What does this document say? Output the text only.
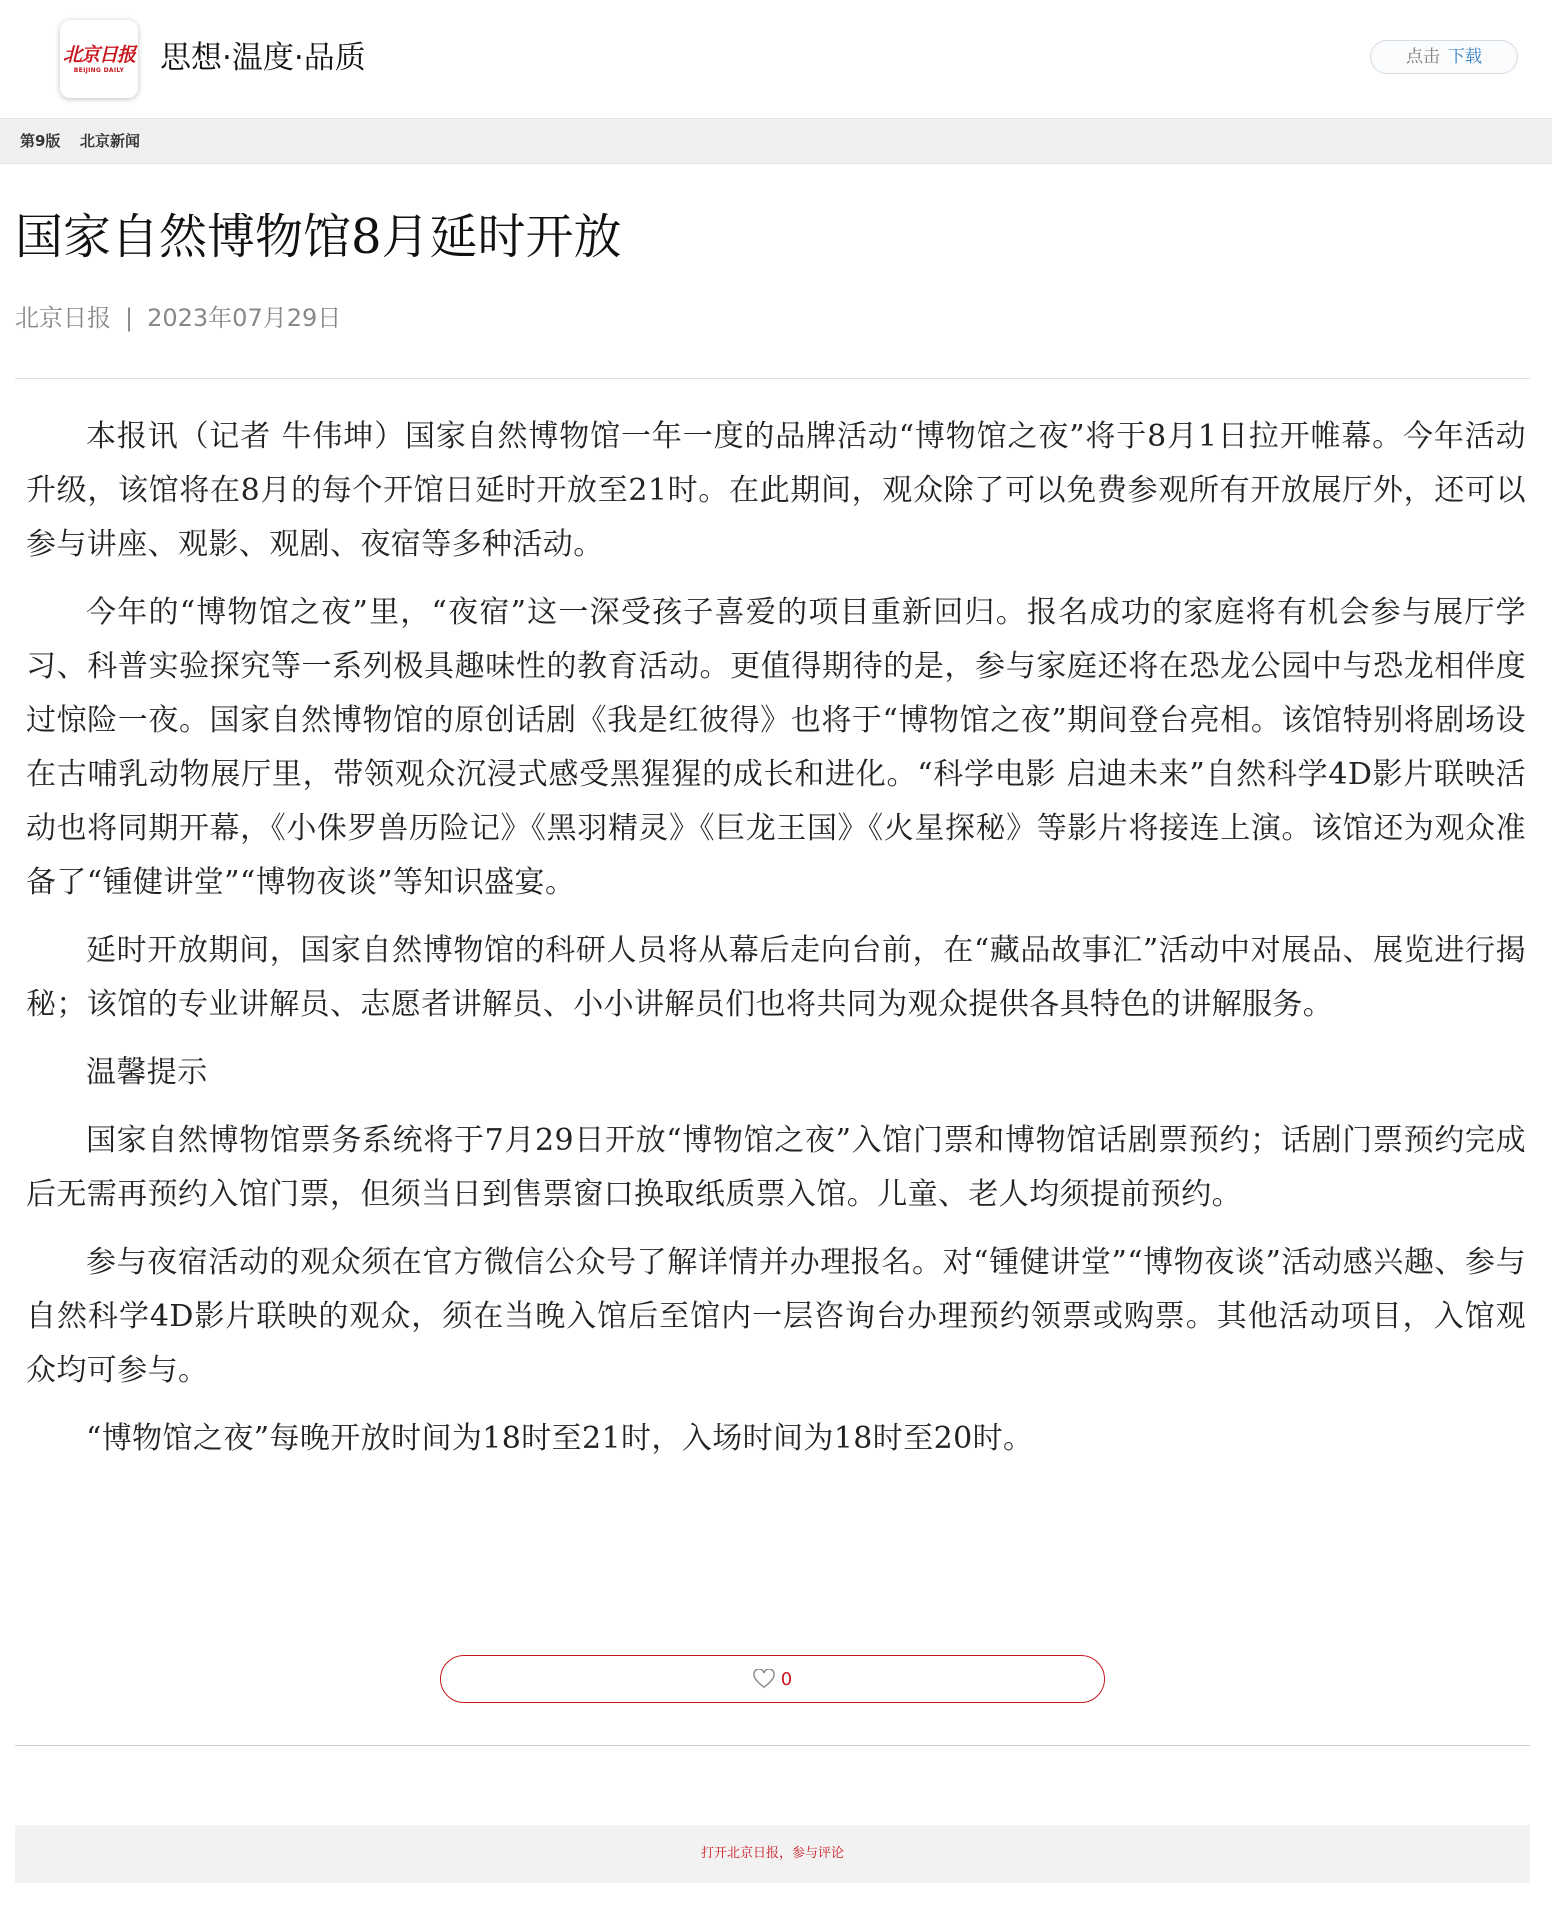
北京日报
BEIJING DAILY 思想·温度·品质	点击 下载
第9版 北京新闻
国家自然博物馆8月延时开放
北京日报 | 2023年07月29日

本报讯（记者 牛伟坤）国家自然博物馆一年一度的品牌活动“博物馆之夜”将于8月1日拉开帷幕。今年活动升级，该馆将在8月的每个开馆日延时开放至21时。在此期间，观众除了可以免费参观所有开放展厅外，还可以参与讲座、观影、观剧、夜宿等多种活动。

今年的“博物馆之夜”里，“夜宿”这一深受孩子喜爱的项目重新回归。报名成功的家庭将有机会参与展厅学习、科普实验探究等一系列极具趣味性的教育活动。更值得期待的是，参与家庭还将在恐龙公园中与恐龙相伴度过惊险一夜。国家自然博物馆的原创话剧《我是红彼得》也将于“博物馆之夜”期间登台亮相。该馆特别将剧场设在古哺乳动物展厅里，带领观众沉浸式感受黑猩猩的成长和进化。“科学电影 启迪未来”自然科学4D影片联映活动也将同期开幕，《小侏罗兽历险记》《黑羽精灵》《巨龙王国》《火星探秘》等影片将接连上演。该馆还为观众准备了“锺健讲堂”“博物夜谈”等知识盛宴。

延时开放期间，国家自然博物馆的科研人员将从幕后走向台前，在“藏品故事汇”活动中对展品、展览进行揭秘；该馆的专业讲解员、志愿者讲解员、小小讲解员们也将共同为观众提供各具特色的讲解服务。

温馨提示

国家自然博物馆票务系统将于7月29日开放“博物馆之夜”入馆门票和博物馆话剧票预约；话剧门票预约完成后无需再预约入馆门票，但须当日到售票窗口换取纸质票入馆。儿童、老人均须提前预约。

参与夜宿活动的观众须在官方微信公众号了解详情并办理报名。对“锺健讲堂”“博物夜谈”活动感兴趣、参与自然科学4D影片联映的观众，须在当晚入馆后至馆内一层咨询台办理预约领票或购票。其他活动项目，入馆观众均可参与。

“博物馆之夜”每晚开放时间为18时至21时，入场时间为18时至20时。

0
打开北京日报，参与评论
